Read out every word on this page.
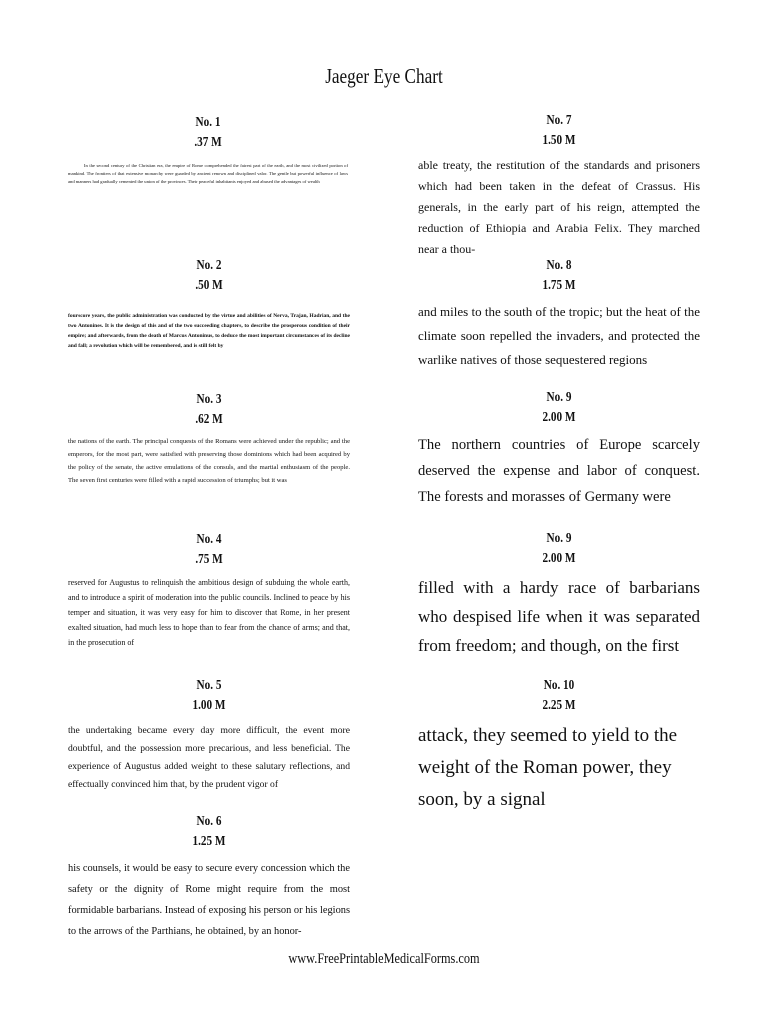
Jaeger Eye Chart
No. 1
.37 M
In the second century of the Christian era, the empire of Rome comprehended the fairest part of the earth, and the most civilized portion of mankind. The frontiers of that extensive monarchy were guarded by ancient renown and disciplined valor. The gentle but powerful influence of laws and manners had gradually cemented the union of the provinces. Their peaceful inhabitants enjoyed and abused the advantages of wealth
No. 2
.50 M
fourscore years, the public administration was conducted by the virtue and abilities of Nerva, Trajan, Hadrian, and the two Antonines. It is the design of this and of the two succeeding chapters, to describe the prosperous condition of their empire; and afterwards, from the death of Marcus Antoninus, to deduce the most important circumstances of its decline and fall; a revolution which will be remembered, and is still felt by
No. 3
.62 M
the nations of the earth. The principal conquests of the Romans were achieved under the republic; and the emperors, for the most part, were satisfied with preserving those dominions which had been acquired by the policy of the senate, the active emulations of the consuls, and the martial enthusiasm of the people. The seven first centuries were filled with a rapid succession of triumphs; but it was
No. 4
.75 M
reserved for Augustus to relinquish the ambitious design of subduing the whole earth, and to introduce a spirit of moderation into the public councils. Inclined to peace by his temper and situation, it was very easy for him to discover that Rome, in her present exalted situation, had much less to hope than to fear from the chance of arms; and that, in the prosecution of
No. 5
1.00 M
the undertaking became every day more difficult, the event more doubtful, and the possession more precarious, and less beneficial. The experience of Augustus added weight to these salutary reflections, and effectually convinced him that, by the prudent vigor of
No. 6
1.25 M
his counsels, it would be easy to secure every concession which the safety or the dignity of Rome might require from the most formidable barbarians. Instead of exposing his person or his legions to the arrows of the Parthians, he obtained, by an honor-
No. 7
1.50 M
able treaty, the restitution of the standards and prisoners which had been taken in the defeat of Crassus. His generals, in the early part of his reign, attempted the reduction of Ethiopia and Arabia Felix. They marched near a thou-
No. 8
1.75 M
and miles to the south of the tropic; but the heat of the climate soon repelled the invaders, and protected the warlike natives of those sequestered regions
No. 9
2.00 M
The northern countries of Europe scarcely deserved the expense and labor of conquest. The forests and morasses of Germany were
No. 9
2.00 M
filled with a hardy race of barbarians who despised life when it was separated from freedom; and though, on the first
No. 10
2.25 M
attack, they seemed to yield to the weight of the Roman power, they soon, by a signal
www.FreePrintableMedicalForms.com
